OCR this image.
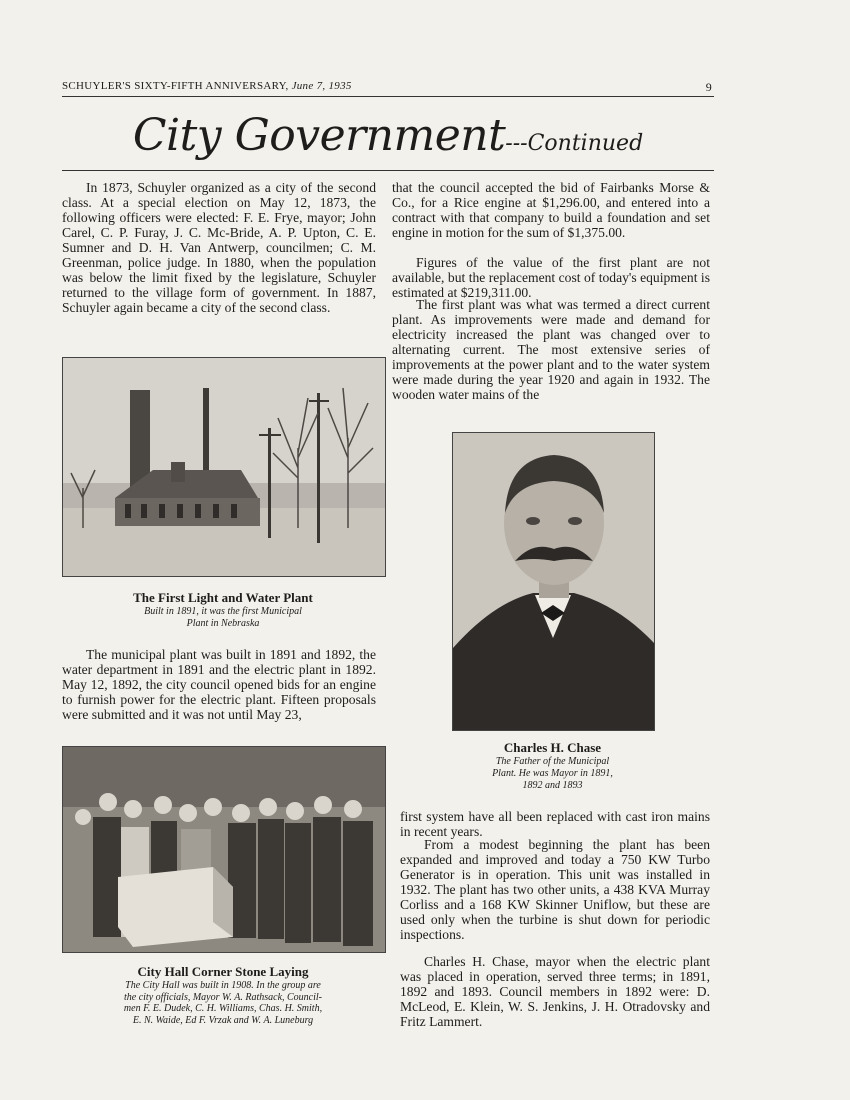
SCHUYLER'S SIXTY-FIFTH ANNIVERSARY, June 7, 1935	9
City Government---Continued

In 1873, Schuyler organized as a city of the second class. At a special election on May 12, 1873, the following officers were elected: F. E. Frye, mayor; John Carel, C. P. Furay, J. C. Mc-Bride, A. P. Upton, C. E. Sumner and D. H. Van Antwerp, councilmen; C. M. Greenman, police judge. In 1880, when the population was below the limit fixed by the legislature, Schuyler returned to the village form of government. In 1887, Schuyler again became a city of the second class.

The First Light and Water Plant
Built in 1891, it was the first Municipal
Plant in Nebraska

The municipal plant was built in 1891 and 1892, the water department in 1891 and the electric plant in 1892. May 12, 1892, the city council opened bids for an engine to furnish power for the electric plant. Fifteen proposals were submitted and it was not until May 23,

City Hall Corner Stone Laying
The City Hall was built in 1908. In the group are
the city officials, Mayor W. A. Rathsack, Council-
men F. E. Dudek, C. H. Williams, Chas. H. Smith,
E. N. Waide, Ed F. Vrzak and W. A. Luneburg

that the council accepted the bid of Fairbanks Morse & Co., for a Rice engine at $1,296.00, and entered into a contract with that company to build a foundation and set engine in motion for the sum of $1,375.00.

Figures of the value of the first plant are not available, but the replacement cost of today's equipment is estimated at $219,311.00.

The first plant was what was termed a direct current plant. As improvements were made and demand for electricity increased the plant was changed over to alternating current. The most extensive series of improvements at the power plant and to the water system were made during the year 1920 and again in 1932. The wooden water mains of the

Charles H. Chase
The Father of the Municipal
Plant. He was Mayor in 1891,
1892 and 1893

first system have all been replaced with cast iron mains in recent years.

From a modest beginning the plant has been expanded and improved and today a 750 KW Turbo Generator is in operation. This unit was installed in 1932. The plant has two other units, a 438 KVA Murray Corliss and a 168 KW Skinner Uniflow, but these are used only when the turbine is shut down for periodic inspections.

Charles H. Chase, mayor when the electric plant was placed in operation, served three terms; in 1891, 1892 and 1893. Council members in 1892 were: D. McLeod, E. Klein, W. S. Jenkins, J. H. Otradovsky and Fritz Lammert.
